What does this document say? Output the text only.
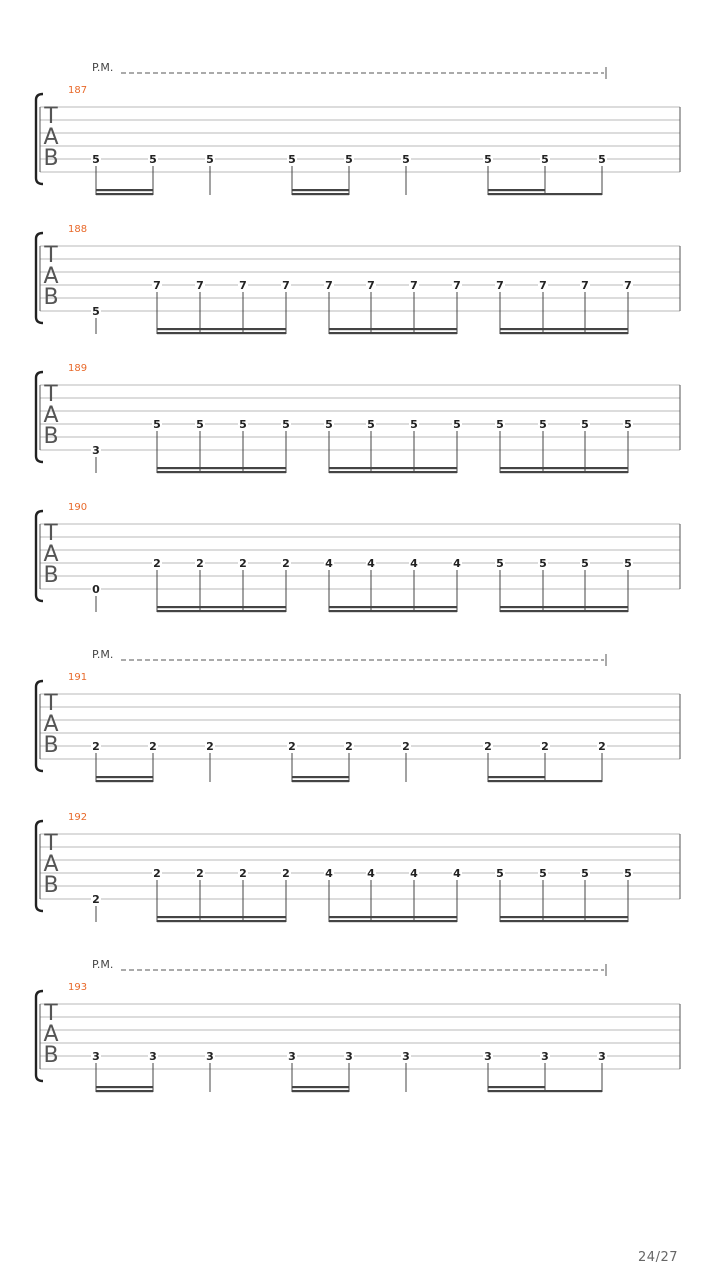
P.M.
187
T
A
B	5	5	5	5	5	5	5	5	5
188
T
A
B
5
7	7	7	7	7	7	7	7	7	7	7	7
189
T
A
B
3
5	5	5	5	5	5	5	5	5	5	5	5
190
T
A
B
0
2	2	2	2	4	4	4	4	5	5	5	5
P.M.
191
T
A
B	2	2	2	2	2	2	2	2	2
192
T
A
B
2
2	2	2	2	4	4	4	4	5	5	5	5
P.M.
193
T
A
B	3	3	3	3	3	3	3	3	3
24/27
